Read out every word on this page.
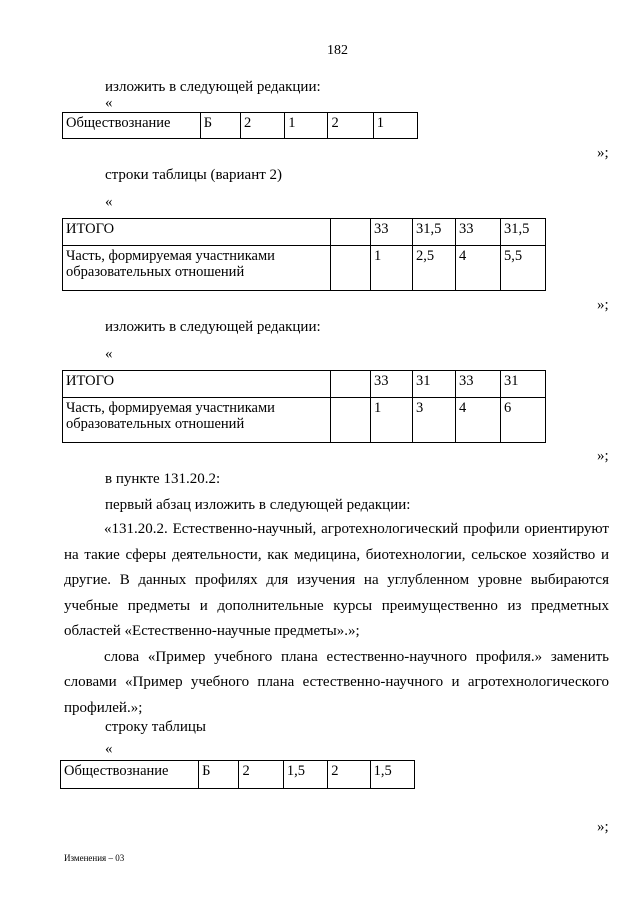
182
изложить в следующей редакции:
«
Обществознание	Б	2	1	2	1
»;
строки таблицы (вариант 2)
«
ИТОГО		33	31,5	33	31,5
Часть, формируемая участниками образовательных отношений		1	2,5	4	5,5
»;
изложить в следующей редакции:
«
ИТОГО		33	31	33	31
Часть, формируемая участниками образовательных отношений		1	3	4	6
»;
в пункте 131.20.2:
первый абзац изложить в следующей редакции:

«131.20.2. Естественно-научный, агротехнологический профили ориентируют на такие сферы деятельности, как медицина, биотехнологии, сельское хозяйство и другие. В данных профилях для изучения на углубленном уровне выбираются учебные предметы и дополнительные курсы преимущественно из предметных областей «Естественно-научные предметы».»;

слова «Пример учебного плана естественно-научного профиля.» заменить словами «Пример учебного плана естественно-научного и агротехнологического профилей.»;

строку таблицы
«
Обществознание	Б	2	1,5	2	1,5
»;
Изменения – 03
